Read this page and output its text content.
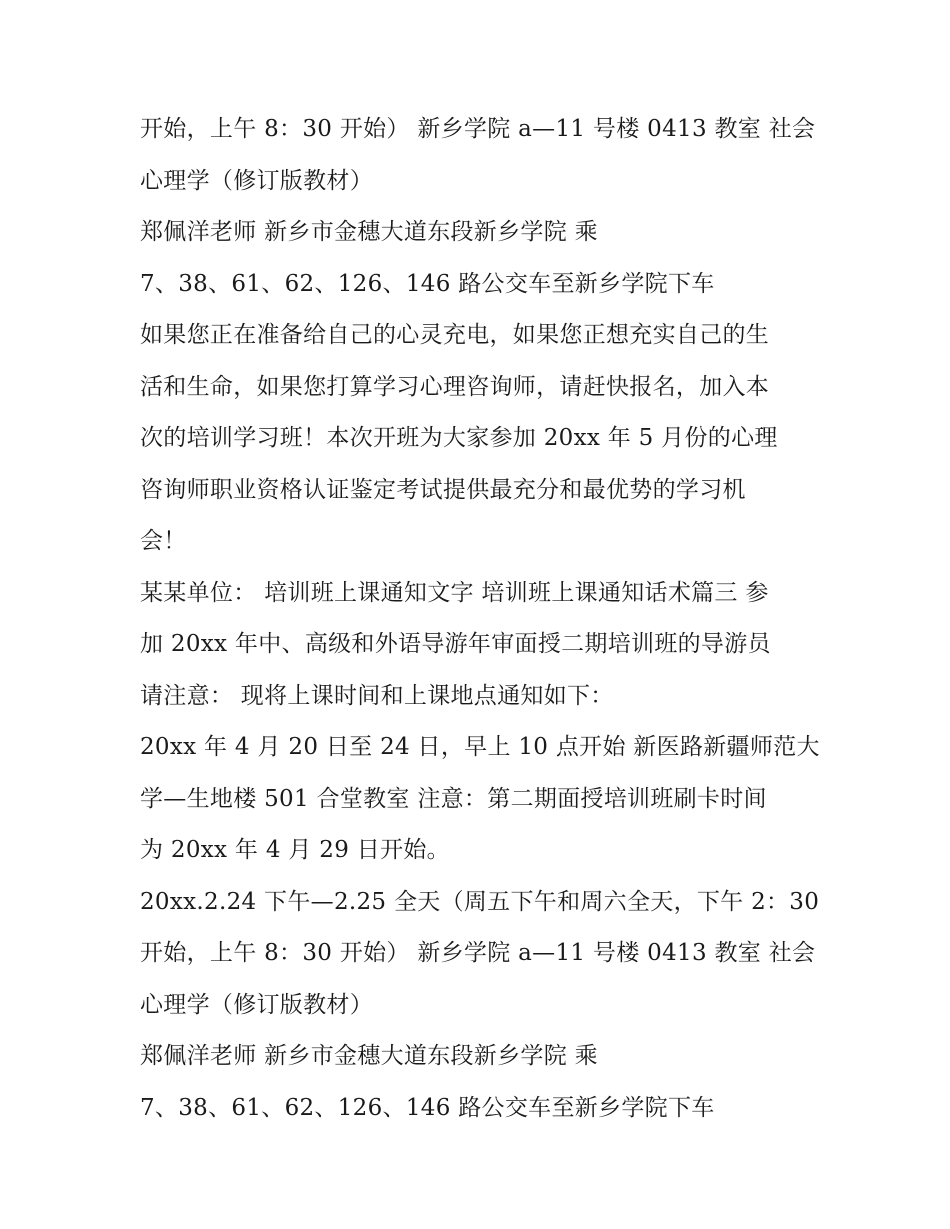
开始，上午 8：30 开始） 新乡学院 a—11 号楼 0413 教室 社会
心理学（修订版教材）
郑佩洋老师 新乡市金穗大道东段新乡学院 乘
7、38、61、62、126、146 路公交车至新乡学院下车
如果您正在准备给自己的心灵充电，如果您正想充实自己的生
活和生命，如果您打算学习心理咨询师，请赶快报名，加入本
次的培训学习班！本次开班为大家参加 20xx 年 5 月份的心理
咨询师职业资格认证鉴定考试提供最充分和最优势的学习机
会！
某某单位： 培训班上课通知文字 培训班上课通知话术篇三 参
加 20xx 年中、高级和外语导游年审面授二期培训班的导游员
请注意： 现将上课时间和上课地点通知如下：
20xx 年 4 月 20 日至 24 日，早上 10 点开始 新医路新疆师范大
学—生地楼 501 合堂教室 注意：第二期面授培训班刷卡时间
为 20xx 年 4 月 29 日开始。
20xx.2.24 下午—2.25 全天（周五下午和周六全天，下午 2：30
开始，上午 8：30 开始） 新乡学院 a—11 号楼 0413 教室 社会
心理学（修订版教材）
郑佩洋老师 新乡市金穗大道东段新乡学院 乘
7、38、61、62、126、146 路公交车至新乡学院下车
